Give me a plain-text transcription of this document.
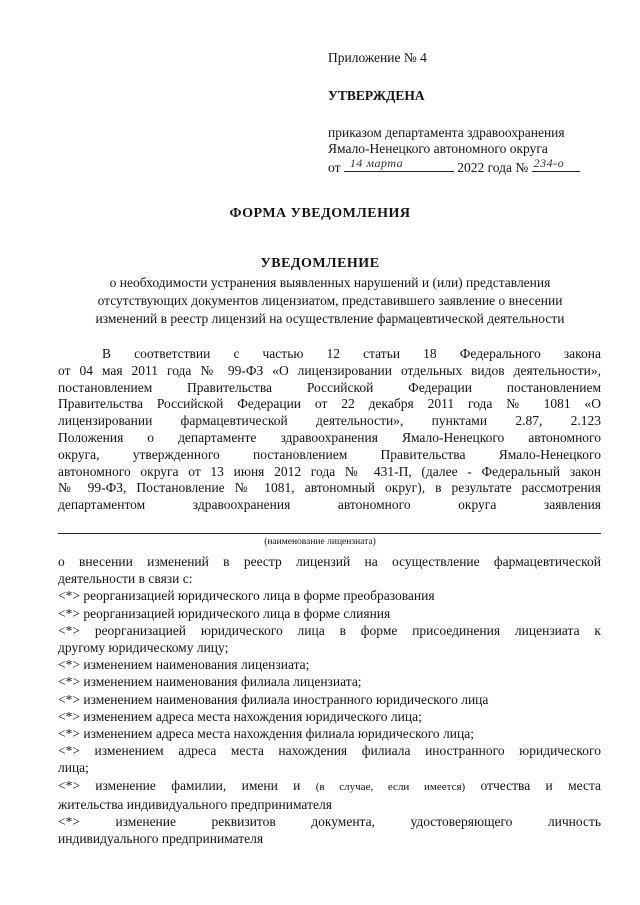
Приложение № 4
УТВЕРЖДЕНА
приказом департамента здравоохранения
Ямало-Ненецкого автономного округа
от 14 марта	2022 года № 234-о
ФОРМА УВЕДОМЛЕНИЯ
УВЕДОМЛЕНИЕ
о необходимости устранения выявленных нарушений и (или) представления
отсутствующих документов лицензиатом, представившего заявление о внесении
изменений в реестр лицензий на осуществление фармацевтической деятельности
В соответствии с частью 12 статьи 18 Федерального закона
от 04 мая 2011 года № 99-ФЗ «О лицензировании отдельных видов деятельности»,
постановлением Правительства Российской Федерации постановлением
Правительства Российской Федерации от 22 декабря 2011 года № 1081 «О
лицензировании фармацевтической деятельности», пунктами 2.87, 2.123
Положения о департаменте здравоохранения Ямало-Ненецкого автономного
округа, утвержденного постановлением Правительства Ямало-Ненецкого
автономного округа от 13 июня 2012 года № 431-П, (далее - Федеральный закон
№ 99-ФЗ, Постановление № 1081, автономный округ), в результате рассмотрения
департаментом здравоохранения автономного округа заявления
(наименование лицензиата)
о внесении изменений в реестр лицензий на осуществление фармацевтической
деятельности в связи с:
<*> реорганизацией юридического лица в форме преобразования
<*> реорганизацией юридического лица в форме слияния
<*> реорганизацией юридического лица в форме присоединения лицензиата к
другому юридическому лицу;
<*> изменением наименования лицензиата;
<*> изменением наименования филиала лицензиата;
<*> изменением наименования филиала иностранного юридического лица
<*> изменением адреса места нахождения юридического лица;
<*> изменением адреса места нахождения филиала юридического лица;
<*> изменением адреса места нахождения филиала иностранного юридического
лица;
<*> изменение фамилии, имени и (в случае, если имеется) отчества и места
жительства индивидуального предпринимателя
<*> изменение реквизитов документа, удостоверяющего личность
индивидуального предпринимателя
